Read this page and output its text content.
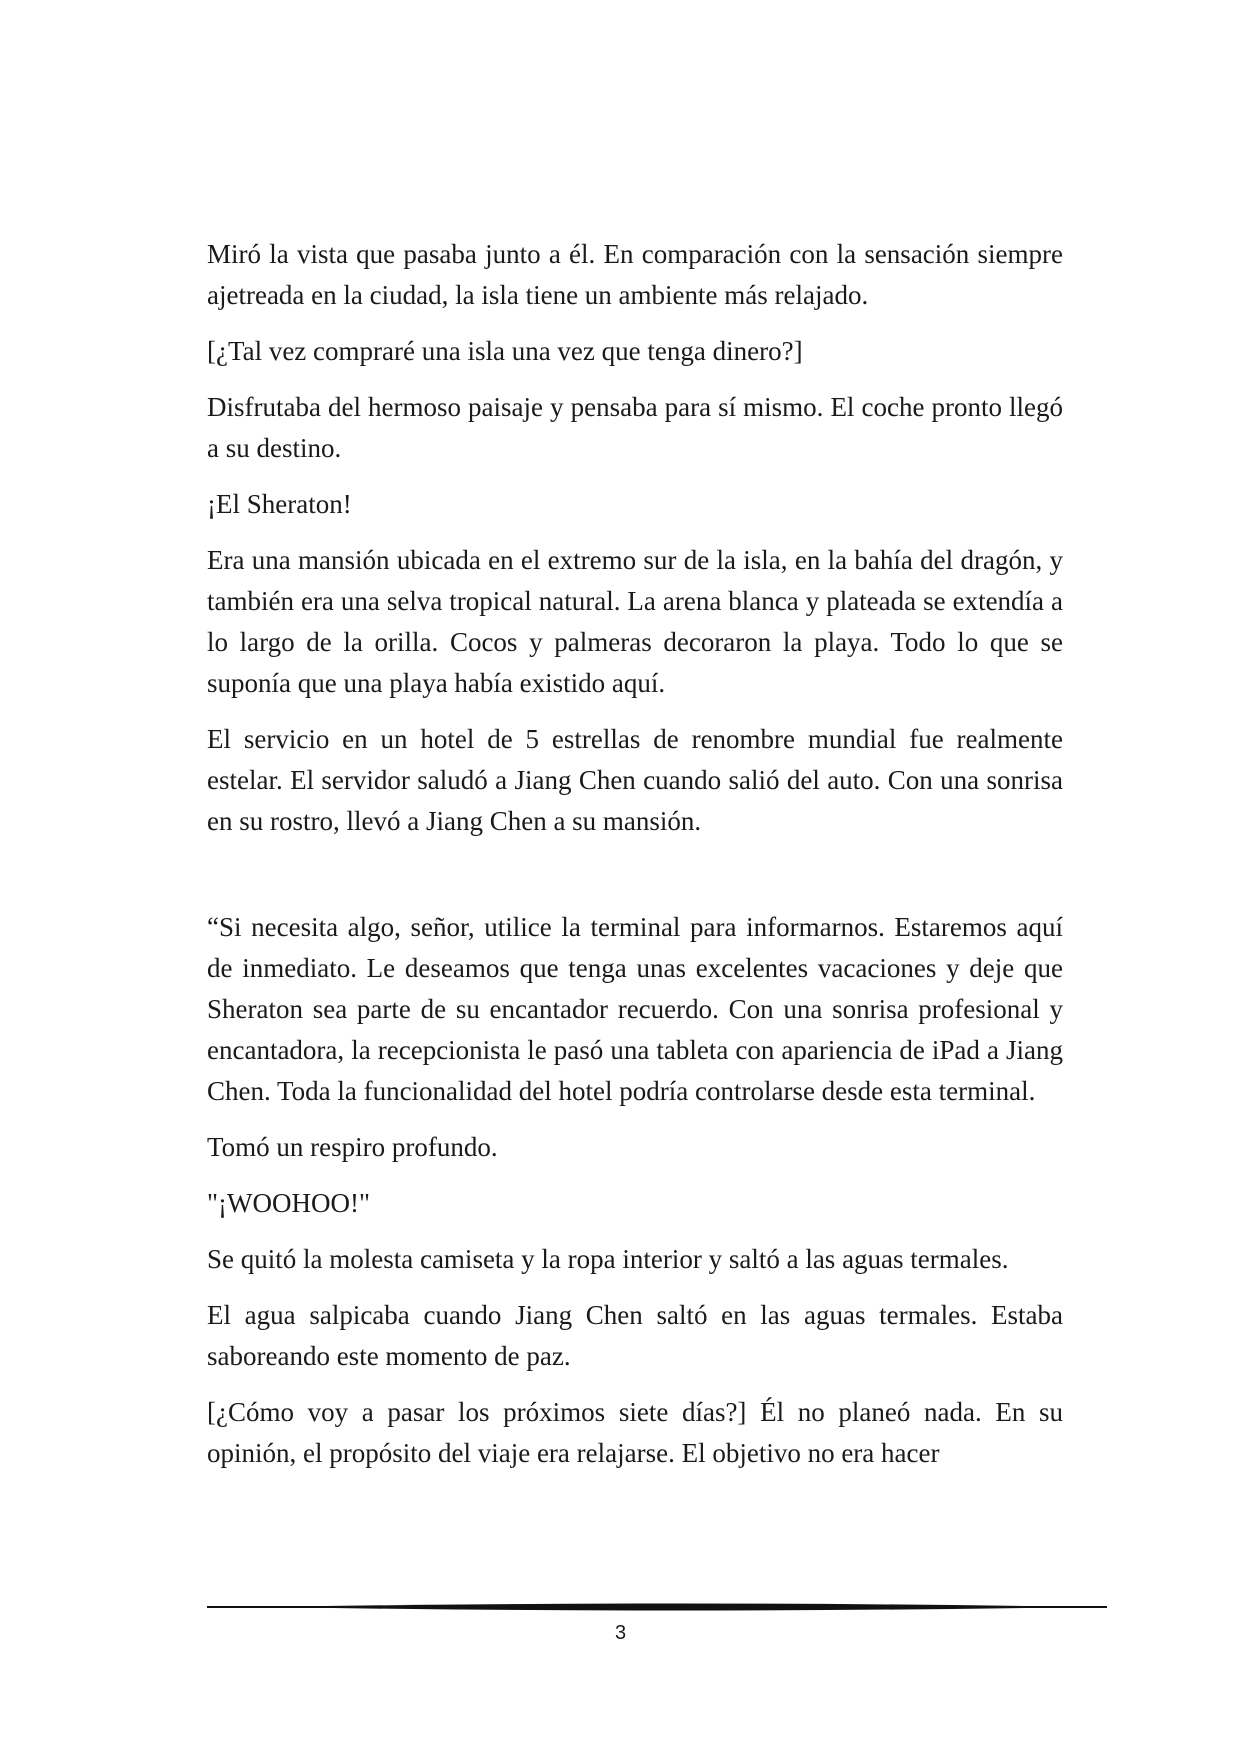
Miró la vista que pasaba junto a él. En comparación con la sensación siempre ajetreada en la ciudad, la isla tiene un ambiente más relajado.

[¿Tal vez compraré una isla una vez que tenga dinero?]

Disfrutaba del hermoso paisaje y pensaba para sí mismo. El coche pronto llegó a su destino.

¡El Sheraton!

Era una mansión ubicada en el extremo sur de la isla, en la bahía del dragón, y también era una selva tropical natural. La arena blanca y plateada se extendía a lo largo de la orilla. Cocos y palmeras decoraron la playa. Todo lo que se suponía que una playa había existido aquí.

El servicio en un hotel de 5 estrellas de renombre mundial fue realmente estelar. El servidor saludó a Jiang Chen cuando salió del auto. Con una sonrisa en su rostro, llevó a Jiang Chen a su mansión.

“Si necesita algo, señor, utilice la terminal para informarnos. Estaremos aquí de inmediato. Le deseamos que tenga unas excelentes vacaciones y deje que Sheraton sea parte de su encantador recuerdo. Con una sonrisa profesional y encantadora, la recepcionista le pasó una tableta con apariencia de iPad a Jiang Chen. Toda la funcionalidad del hotel podría controlarse desde esta terminal.

Tomó un respiro profundo.

"¡WOOHOO!"

Se quitó la molesta camiseta y la ropa interior y saltó a las aguas termales.

El agua salpicaba cuando Jiang Chen saltó en las aguas termales. Estaba saboreando este momento de paz.

[¿Cómo voy a pasar los próximos siete días?] Él no planeó nada. En su opinión, el propósito del viaje era relajarse. El objetivo no era hacer

3
